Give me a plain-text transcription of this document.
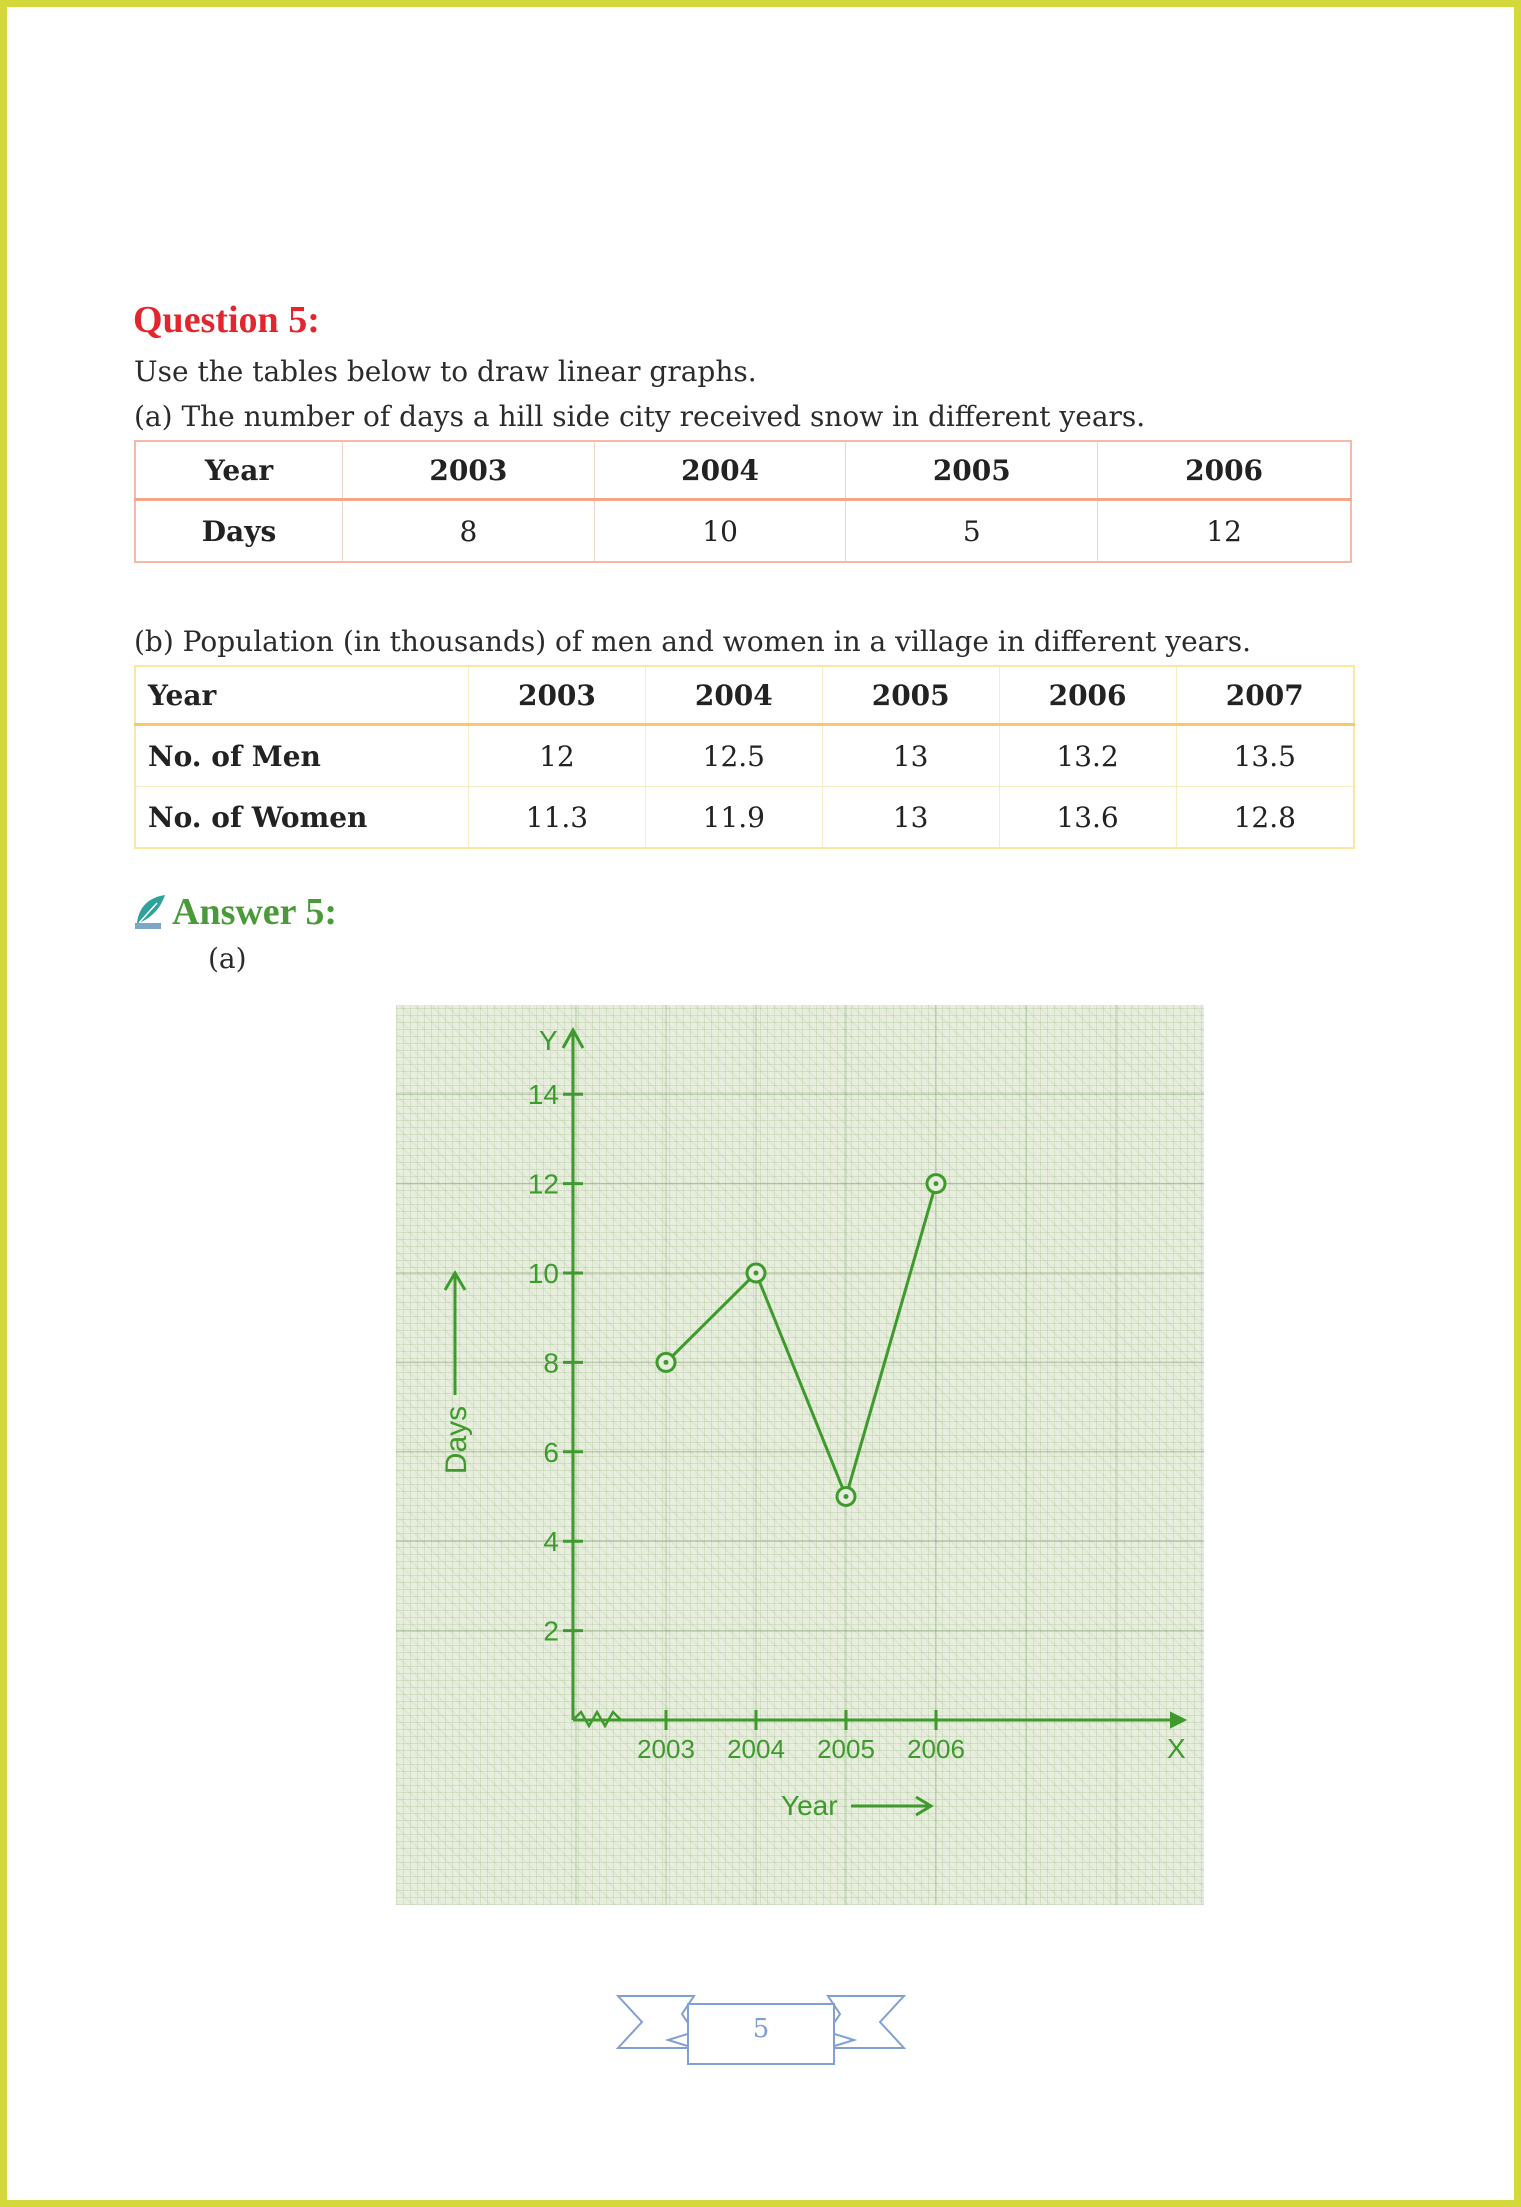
Question 5:

Use the tables below to draw linear graphs.

(a) The number of days a hill side city received snow in different years.

Year	2003	2004	2005	2006
Days	8	10	5	12

(b) Population (in thousands) of men and women in a village in different years.

Year	2003	2004	2005	2006	2007
No. of Men	12	12.5	13	13.2	13.5
No. of Women	11.3	11.9	13	13.6	12.8
Answer 5:

(a)

Y
X
2
4
6
8
10
12
14
2003 2004 2005 2006
Days
Year
5
